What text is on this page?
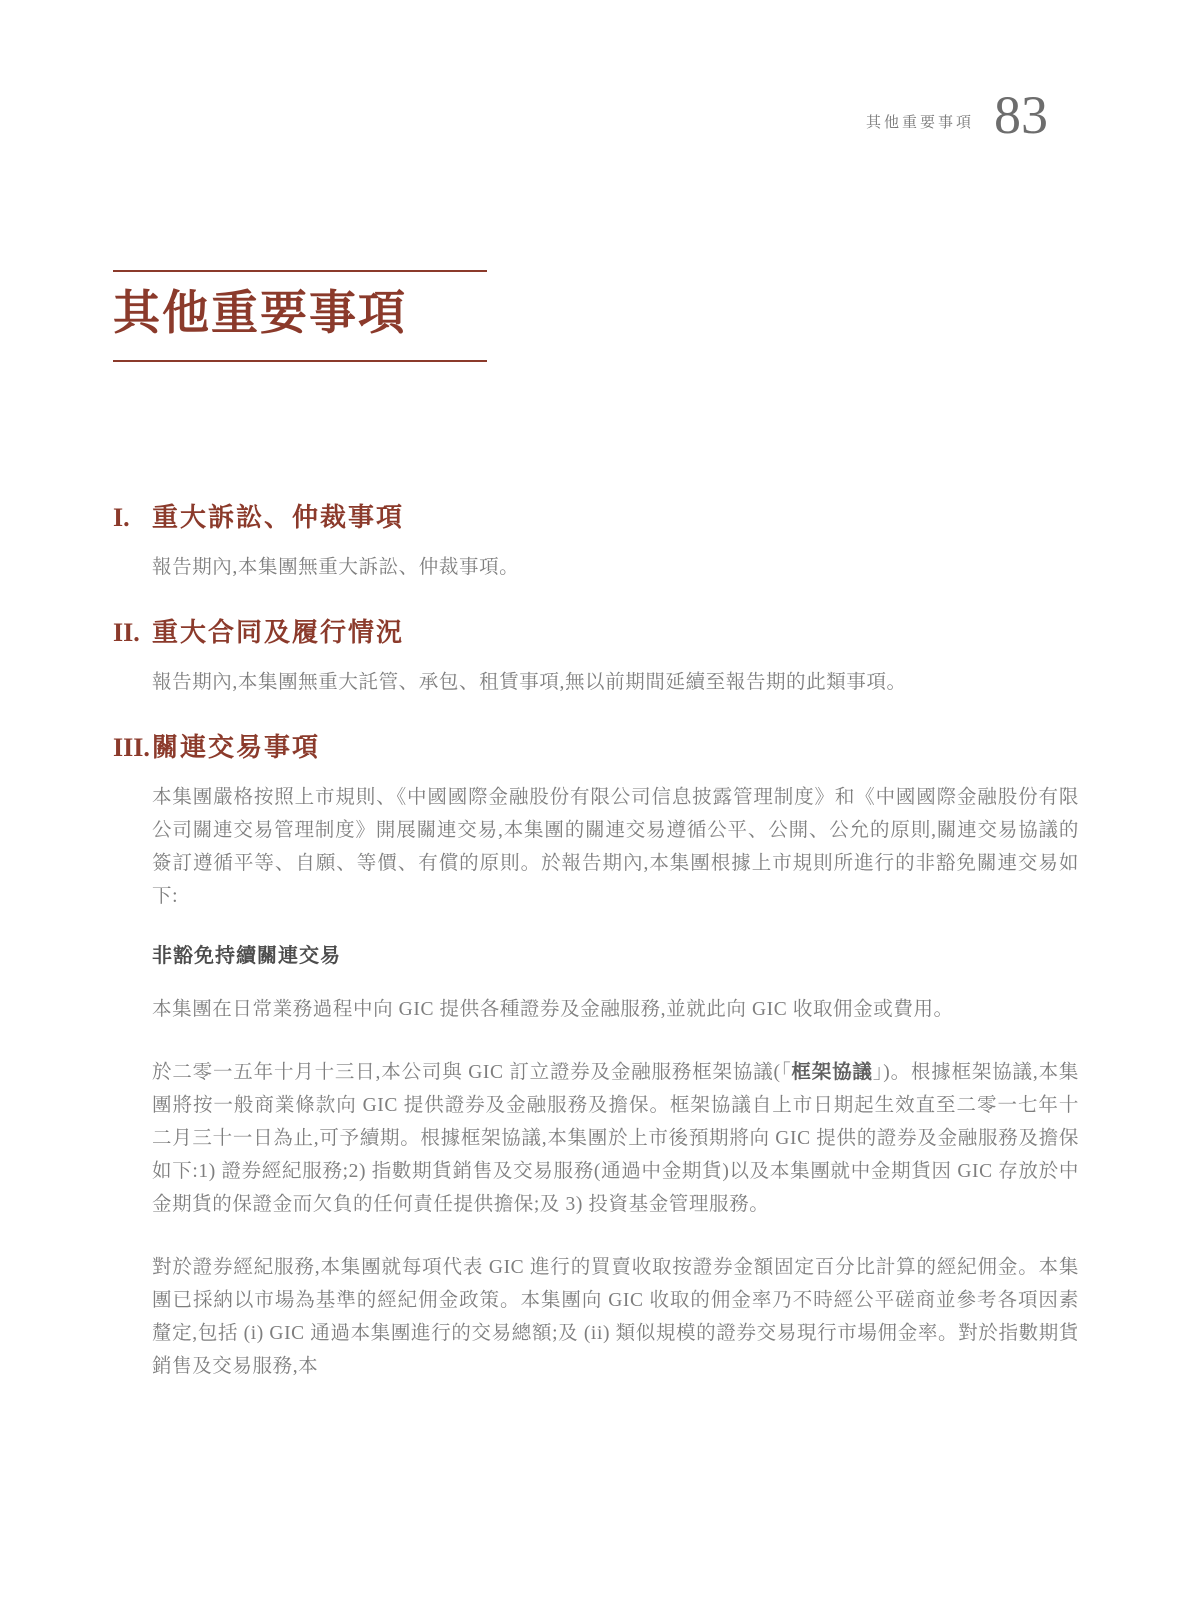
其他重要事項 83
其他重要事項
I. 重大訴訟、仲裁事項

報告期內,本集團無重大訴訟、仲裁事項。

II. 重大合同及履行情況

報告期內,本集團無重大託管、承包、租賃事項,無以前期間延續至報告期的此類事項。

III. 關連交易事項

本集團嚴格按照上市規則、《中國國際金融股份有限公司信息披露管理制度》和《中國國際金融股份有限公司關連交易管理制度》開展關連交易,本集團的關連交易遵循公平、公開、公允的原則,關連交易協議的簽訂遵循平等、自願、等價、有償的原則。於報告期內,本集團根據上市規則所進行的非豁免關連交易如下:

非豁免持續關連交易

本集團在日常業務過程中向 GIC 提供各種證券及金融服務,並就此向 GIC 收取佣金或費用。

於二零一五年十月十三日,本公司與 GIC 訂立證券及金融服務框架協議(「框架協議」)。根據框架協議,本集團將按一般商業條款向 GIC 提供證券及金融服務及擔保。框架協議自上市日期起生效直至二零一七年十二月三十一日為止,可予續期。根據框架協議,本集團於上市後預期將向 GIC 提供的證券及金融服務及擔保如下:1) 證券經紀服務;2) 指數期貨銷售及交易服務(通過中金期貨)以及本集團就中金期貨因 GIC 存放於中金期貨的保證金而欠負的任何責任提供擔保;及 3) 投資基金管理服務。

對於證券經紀服務,本集團就每項代表 GIC 進行的買賣收取按證券金額固定百分比計算的經紀佣金。本集團已採納以市場為基準的經紀佣金政策。本集團向 GIC 收取的佣金率乃不時經公平磋商並參考各項因素釐定,包括 (i) GIC 通過本集團進行的交易總額;及 (ii) 類似規模的證券交易現行市場佣金率。對於指數期貨銷售及交易服務,本
